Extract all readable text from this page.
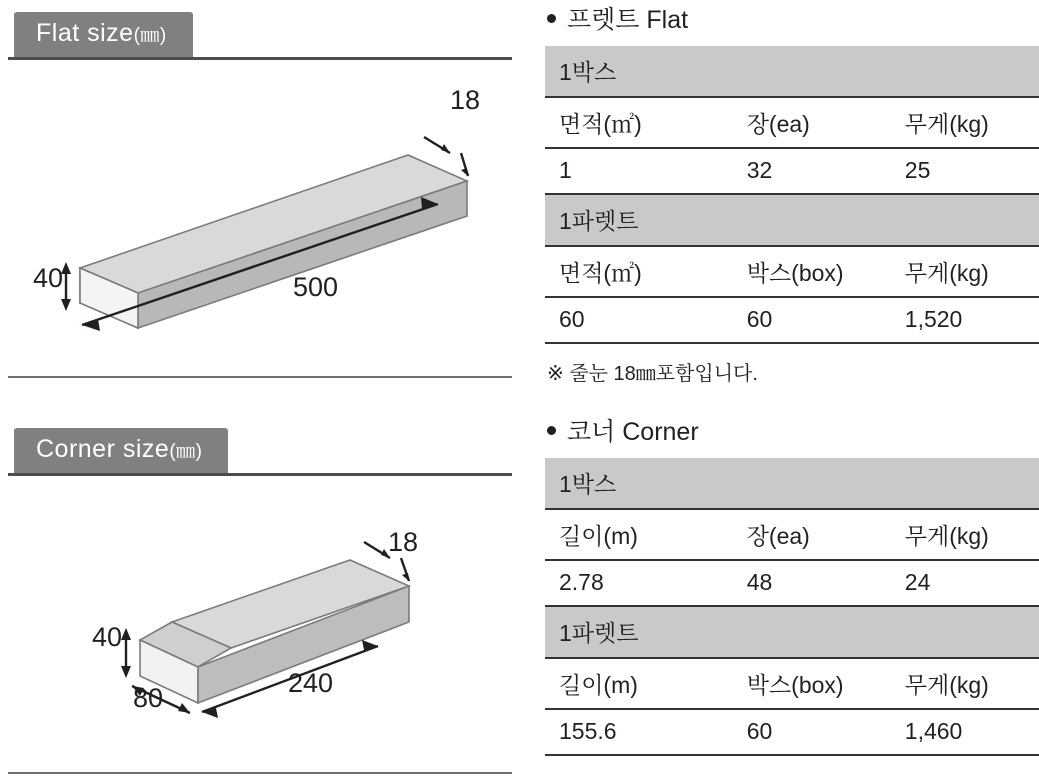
Flat size(㎜)
18
40	500
Corner size(㎜)
18
40
80	240
프렛트 Flat
1박스		
면적(㎡)	장(ea)	무게(kg)
1	32	25
1파렛트		
면적(㎡)	박스(box)	무게(kg)
60	60	1,520
※ 줄눈 18㎜포함입니다.
코너 Corner
1박스		
길이(m)	장(ea)	무게(kg)
2.78	48	24
1파렛트		
길이(m)	박스(box)	무게(kg)
155.6	60	1,460
